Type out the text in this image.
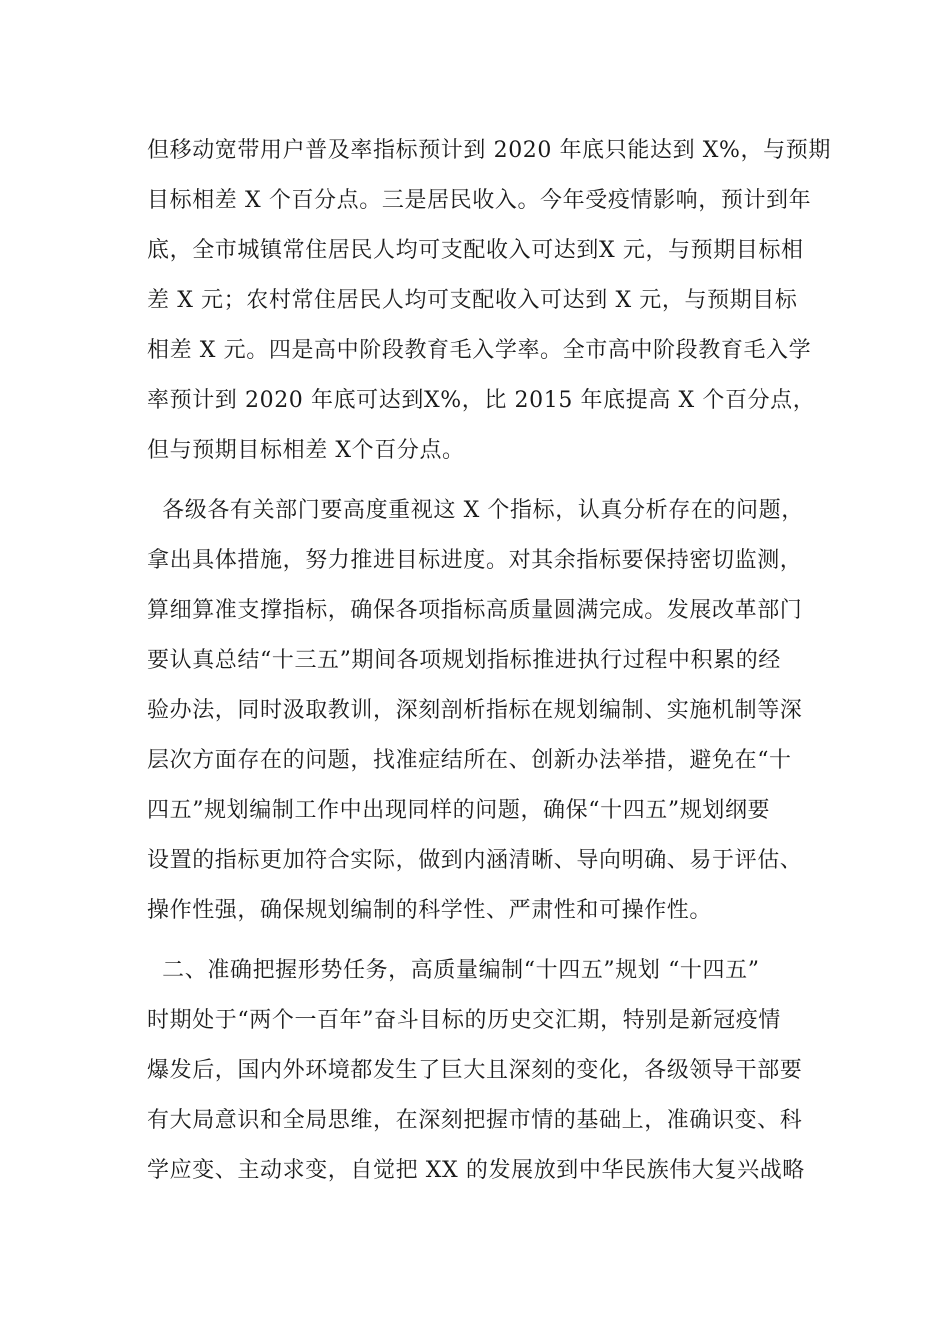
但移动宽带用户普及率指标预计到 2020 年底只能达到 X%，与预期
目标相差 X 个百分点。三是居民收入。今年受疫情影响，预计到年
底，全市城镇常住居民人均可支配收入可达到X 元，与预期目标相
差 X 元；农村常住居民人均可支配收入可达到 X 元，与预期目标
相差 X 元。四是高中阶段教育毛入学率。全市高中阶段教育毛入学
率预计到 2020 年底可达到X%，比 2015 年底提高 X 个百分点，
但与预期目标相差 X个百分点。
各级各有关部门要高度重视这 X 个指标，认真分析存在的问题，
拿出具体措施，努力推进目标进度。对其余指标要保持密切监测，
算细算准支撑指标，确保各项指标高质量圆满完成。发展改革部门
要认真总结“十三五”期间各项规划指标推进执行过程中积累的经
验办法，同时汲取教训，深刻剖析指标在规划编制、实施机制等深
层次方面存在的问题，找准症结所在、创新办法举措，避免在“十
四五”规划编制工作中出现同样的问题，确保“十四五”规划纲要
设置的指标更加符合实际，做到内涵清晰、导向明确、易于评估、
操作性强，确保规划编制的科学性、严肃性和可操作性。
二、准确把握形势任务，高质量编制“十四五”规划 “十四五”
时期处于“两个一百年”奋斗目标的历史交汇期，特别是新冠疫情
爆发后，国内外环境都发生了巨大且深刻的变化，各级领导干部要
有大局意识和全局思维，在深刻把握市情的基础上，准确识变、科
学应变、主动求变，自觉把 XX 的发展放到中华民族伟大复兴战略
